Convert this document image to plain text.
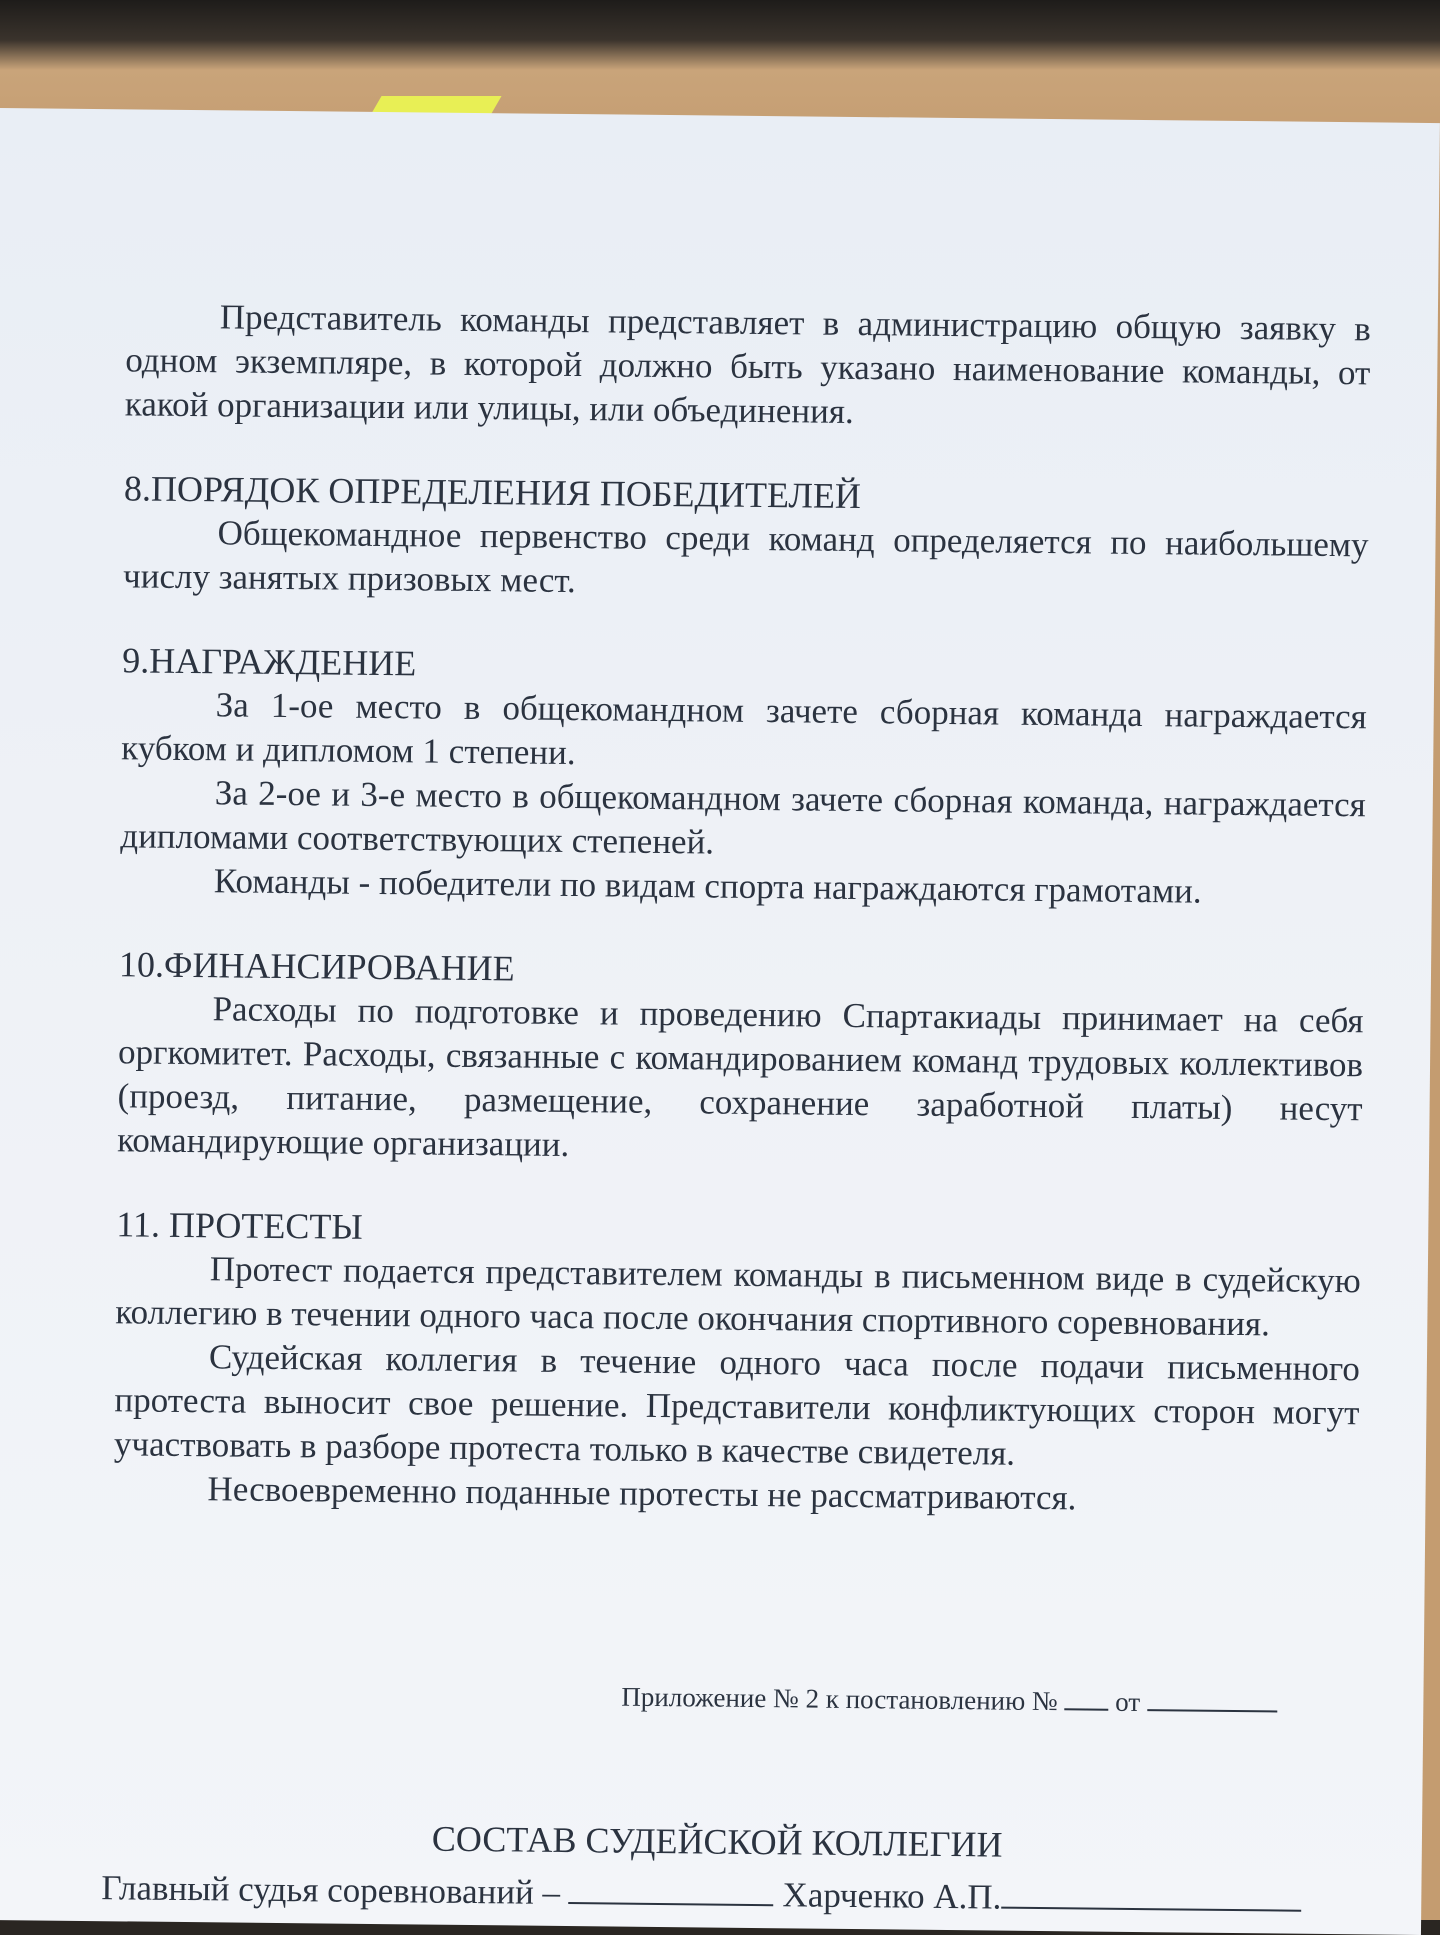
Представитель команды представляет в администрацию общую заявку в одном экземпляре, в которой должно быть указано наименование команды, от какой организации или улицы, или объединения.

8.ПОРЯДОК ОПРЕДЕЛЕНИЯ ПОБЕДИТЕЛЕЙ

Общекомандное первенство среди команд определяется по наибольшему числу занятых призовых мест.

9.НАГРАЖДЕНИЕ

За 1-ое место в общекомандном зачете сборная команда награждается кубком и дипломом 1 степени.

За 2-ое и 3-е место в общекомандном зачете сборная команда, награждается дипломами соответствующих степеней.

Команды - победители по видам спорта награждаются грамотами.

10.ФИНАНСИРОВАНИЕ

Расходы по подготовке и проведению Спартакиады принимает на себя оргкомитет. Расходы, связанные с командированием команд трудовых коллективов (проезд, питание, размещение, сохранение заработной платы) несут командирующие организации.

11. ПРОТЕСТЫ

Протест подается представителем команды в письменном виде в судейскую коллегию в течении одного часа после окончания спортивного соревнования.

Судейская коллегия в течение одного часа после подачи письменного протеста выносит свое решение. Представители конфликтующих сторон могут участвовать в разборе протеста только в качестве свидетеля.

Несвоевременно поданные протесты не рассматриваются.

Приложение № 2 к постановлению № от
СОСТАВ СУДЕЙСКОЙ КОЛЛЕГИИ
Главный судья соревнований –	Харченко А.П.
